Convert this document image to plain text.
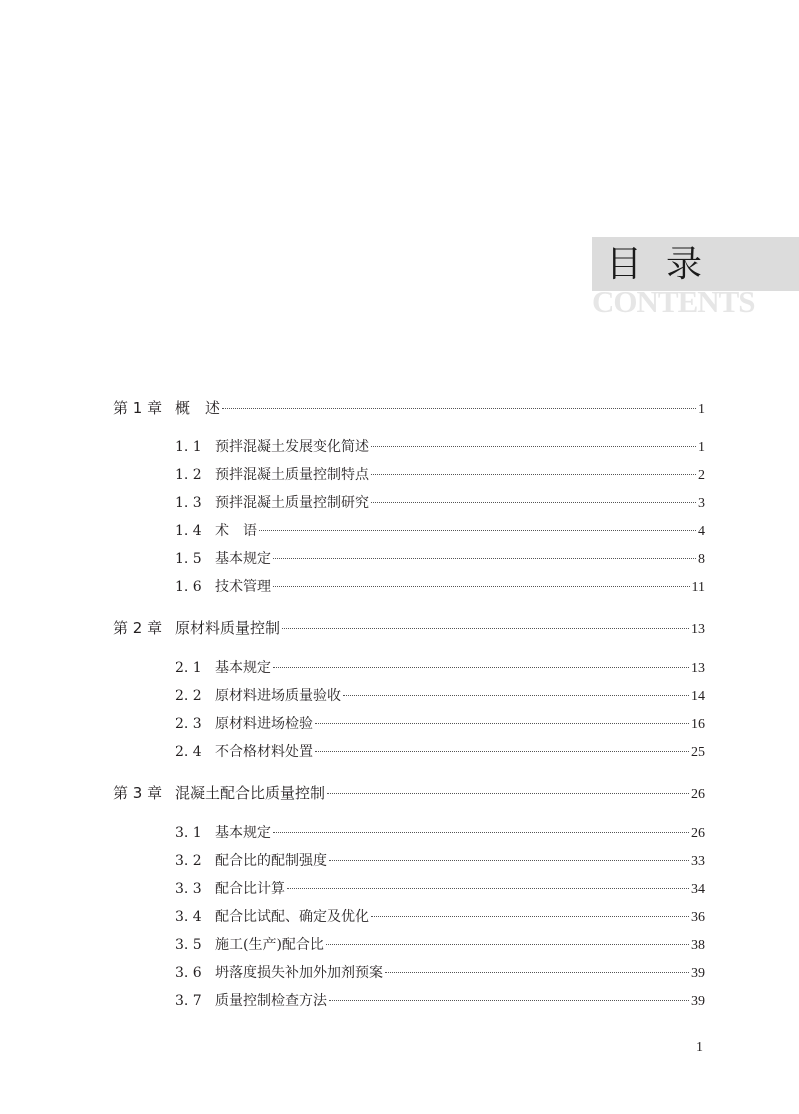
目录
CONTENTS
第 1 章 概　述	1
1. 1 预拌混凝土发展变化简述	1
1. 2 预拌混凝土质量控制特点	2
1. 3 预拌混凝土质量控制研究	3
1. 4 术　语	4
1. 5 基本规定	8
1. 6 技术管理	11
第 2 章 原材料质量控制	13
2. 1 基本规定	13
2. 2 原材料进场质量验收	14
2. 3 原材料进场检验	16
2. 4 不合格材料处置	25
第 3 章 混凝土配合比质量控制	26
3. 1 基本规定	26
3. 2 配合比的配制强度	33
3. 3 配合比计算	34
3. 4 配合比试配、确定及优化	36
3. 5 施工(生产)配合比	38
3. 6 坍落度损失补加外加剂预案	39
3. 7 质量控制检查方法	39
1
